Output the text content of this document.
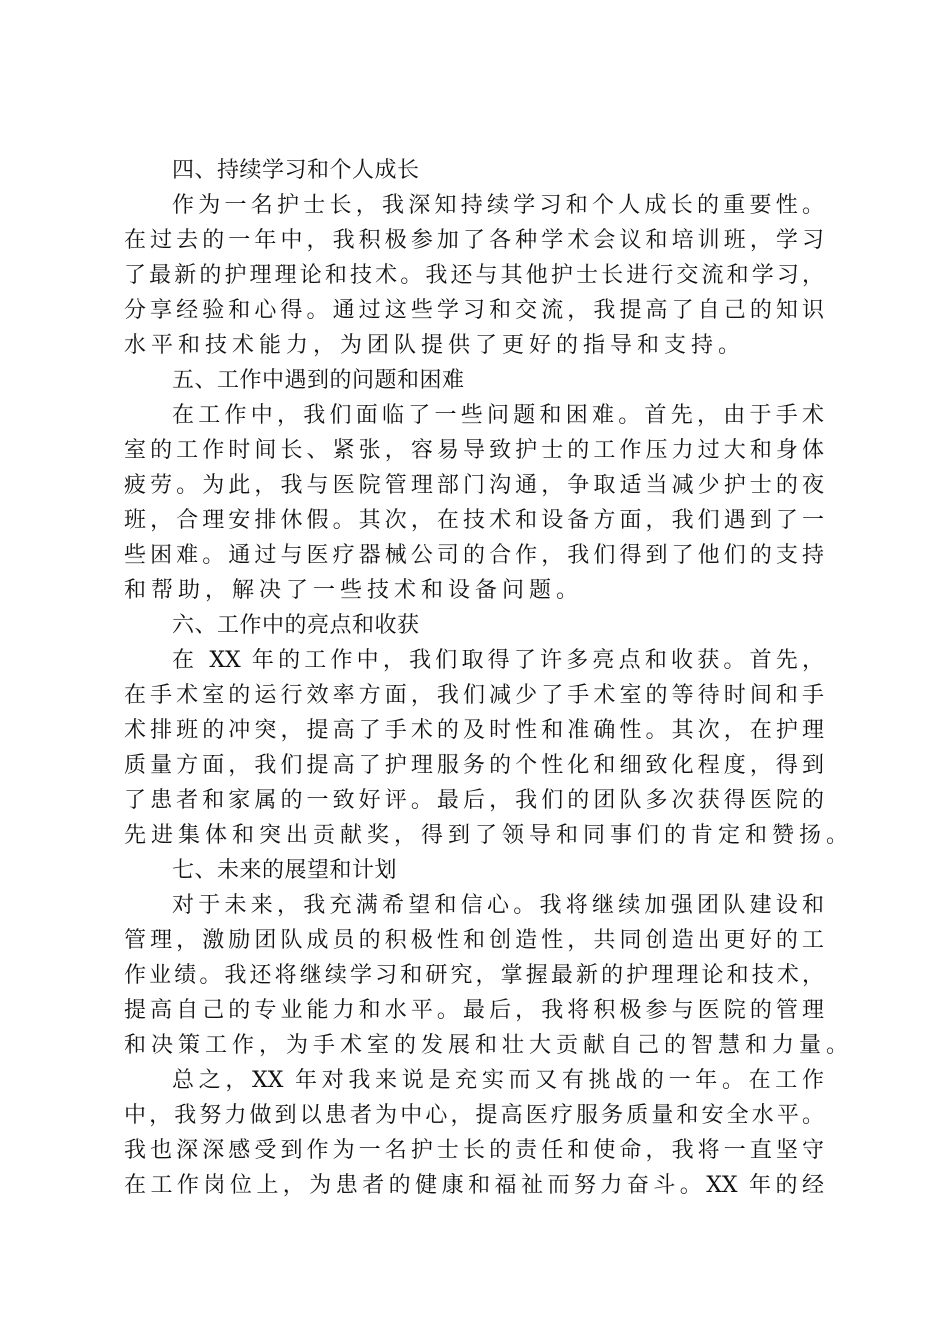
四、持续学习和个人成长
作为一名护士长，我深知持续学习和个人成长的重要性。
在过去的一年中，我积极参加了各种学术会议和培训班，学习
了最新的护理理论和技术。我还与其他护士长进行交流和学习，
分享经验和心得。通过这些学习和交流，我提高了自己的知识
水平和技术能力，为团队提供了更好的指导和支持。
五、工作中遇到的问题和困难
在工作中，我们面临了一些问题和困难。首先，由于手术
室的工作时间长、紧张，容易导致护士的工作压力过大和身体
疲劳。为此，我与医院管理部门沟通，争取适当减少护士的夜
班，合理安排休假。其次，在技术和设备方面，我们遇到了一
些困难。通过与医疗器械公司的合作，我们得到了他们的支持
和帮助，解决了一些技术和设备问题。
六、工作中的亮点和收获
在 XX 年的工作中，我们取得了许多亮点和收获。首先，
在手术室的运行效率方面，我们减少了手术室的等待时间和手
术排班的冲突，提高了手术的及时性和准确性。其次，在护理
质量方面，我们提高了护理服务的个性化和细致化程度，得到
了患者和家属的一致好评。最后，我们的团队多次获得医院的
先进集体和突出贡献奖，得到了领导和同事们的肯定和赞扬。
七、未来的展望和计划
对于未来，我充满希望和信心。我将继续加强团队建设和
管理，激励团队成员的积极性和创造性，共同创造出更好的工
作业绩。我还将继续学习和研究，掌握最新的护理理论和技术，
提高自己的专业能力和水平。最后，我将积极参与医院的管理
和决策工作，为手术室的发展和壮大贡献自己的智慧和力量。
总之，XX 年对我来说是充实而又有挑战的一年。在工作
中，我努力做到以患者为中心，提高医疗服务质量和安全水平。
我也深深感受到作为一名护士长的责任和使命，我将一直坚守
在工作岗位上，为患者的健康和福祉而努力奋斗。XX 年的经
